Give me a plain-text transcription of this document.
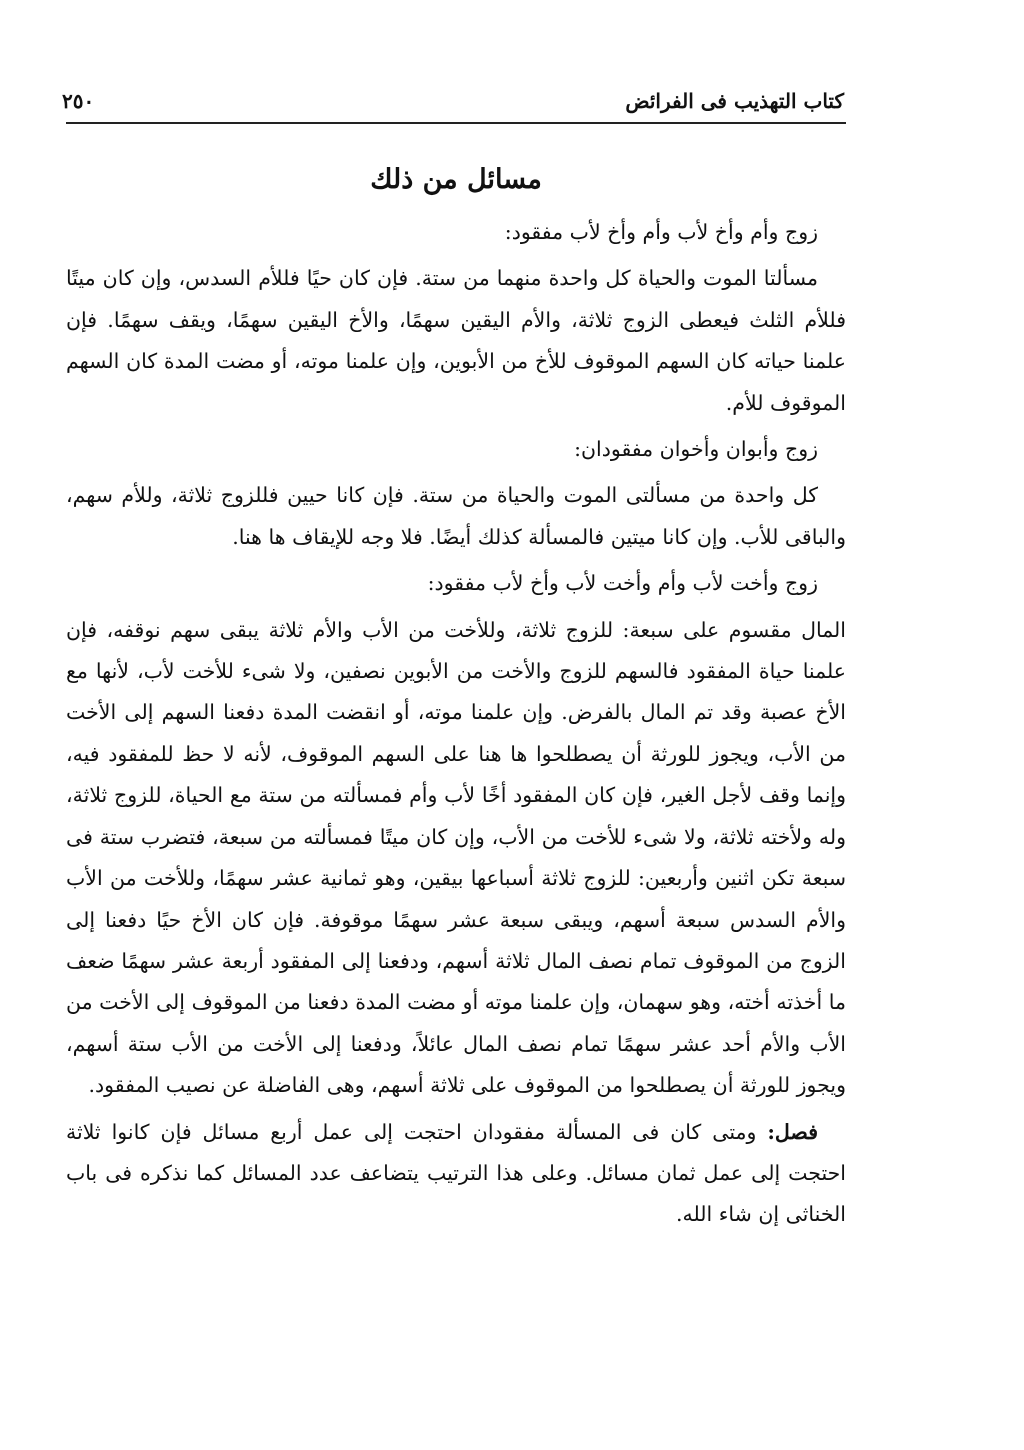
كتاب التهذيب فى الفرائض
٢٥٠
مسائل من ذلك

زوج وأم وأخ لأب وأم وأخ لأب مفقود:

مسألتا الموت والحياة كل واحدة منهما من ستة. فإن كان حيًا فللأم السدس، وإن كان ميتًا فللأم الثلث فيعطى الزوج ثلاثة، والأم اليقين سهمًا، والأخ اليقين سهمًا، ويقف سهمًا. فإن علمنا حياته كان السهم الموقوف للأخ من الأبوين، وإن علمنا موته، أو مضت المدة كان السهم الموقوف للأم.

زوج وأبوان وأخوان مفقودان:

كل واحدة من مسألتى الموت والحياة من ستة. فإن كانا حيين فللزوج ثلاثة، وللأم سهم، والباقى للأب. وإن كانا ميتين فالمسألة كذلك أيضًا. فلا وجه للإيقاف ها هنا.

زوج وأخت لأب وأم وأخت لأب وأخ لأب مفقود:

المال مقسوم على سبعة: للزوج ثلاثة، وللأخت من الأب والأم ثلاثة يبقى سهم نوقفه، فإن علمنا حياة المفقود فالسهم للزوج والأخت من الأبوين نصفين، ولا شىء للأخت لأب، لأنها مع الأخ عصبة وقد تم المال بالفرض. وإن علمنا موته، أو انقضت المدة دفعنا السهم إلى الأخت من الأب، ويجوز للورثة أن يصطلحوا ها هنا على السهم الموقوف، لأنه لا حظ للمفقود فيه، وإنما وقف لأجل الغير، فإن كان المفقود أخًا لأب وأم فمسألته من ستة مع الحياة، للزوج ثلاثة، وله ولأخته ثلاثة، ولا شىء للأخت من الأب، وإن كان ميتًا فمسألته من سبعة، فتضرب ستة فى سبعة تكن اثنين وأربعين: للزوج ثلاثة أسباعها بيقين، وهو ثمانية عشر سهمًا، وللأخت من الأب والأم السدس سبعة أسهم، ويبقى سبعة عشر سهمًا موقوفة. فإن كان الأخ حيًا دفعنا إلى الزوج من الموقوف تمام نصف المال ثلاثة أسهم، ودفعنا إلى المفقود أربعة عشر سهمًا ضعف ما أخذته أخته، وهو سهمان، وإن علمنا موته أو مضت المدة دفعنا من الموقوف إلى الأخت من الأب والأم أحد عشر سهمًا تمام نصف المال عائلاً، ودفعنا إلى الأخت من الأب ستة أسهم، ويجوز للورثة أن يصطلحوا من الموقوف على ثلاثة أسهم، وهى الفاضلة عن نصيب المفقود.

فصل: ومتى كان فى المسألة مفقودان احتجت إلى عمل أربع مسائل فإن كانوا ثلاثة احتجت إلى عمل ثمان مسائل. وعلى هذا الترتيب يتضاعف عدد المسائل كما نذكره فى باب الخناثى إن شاء الله.
